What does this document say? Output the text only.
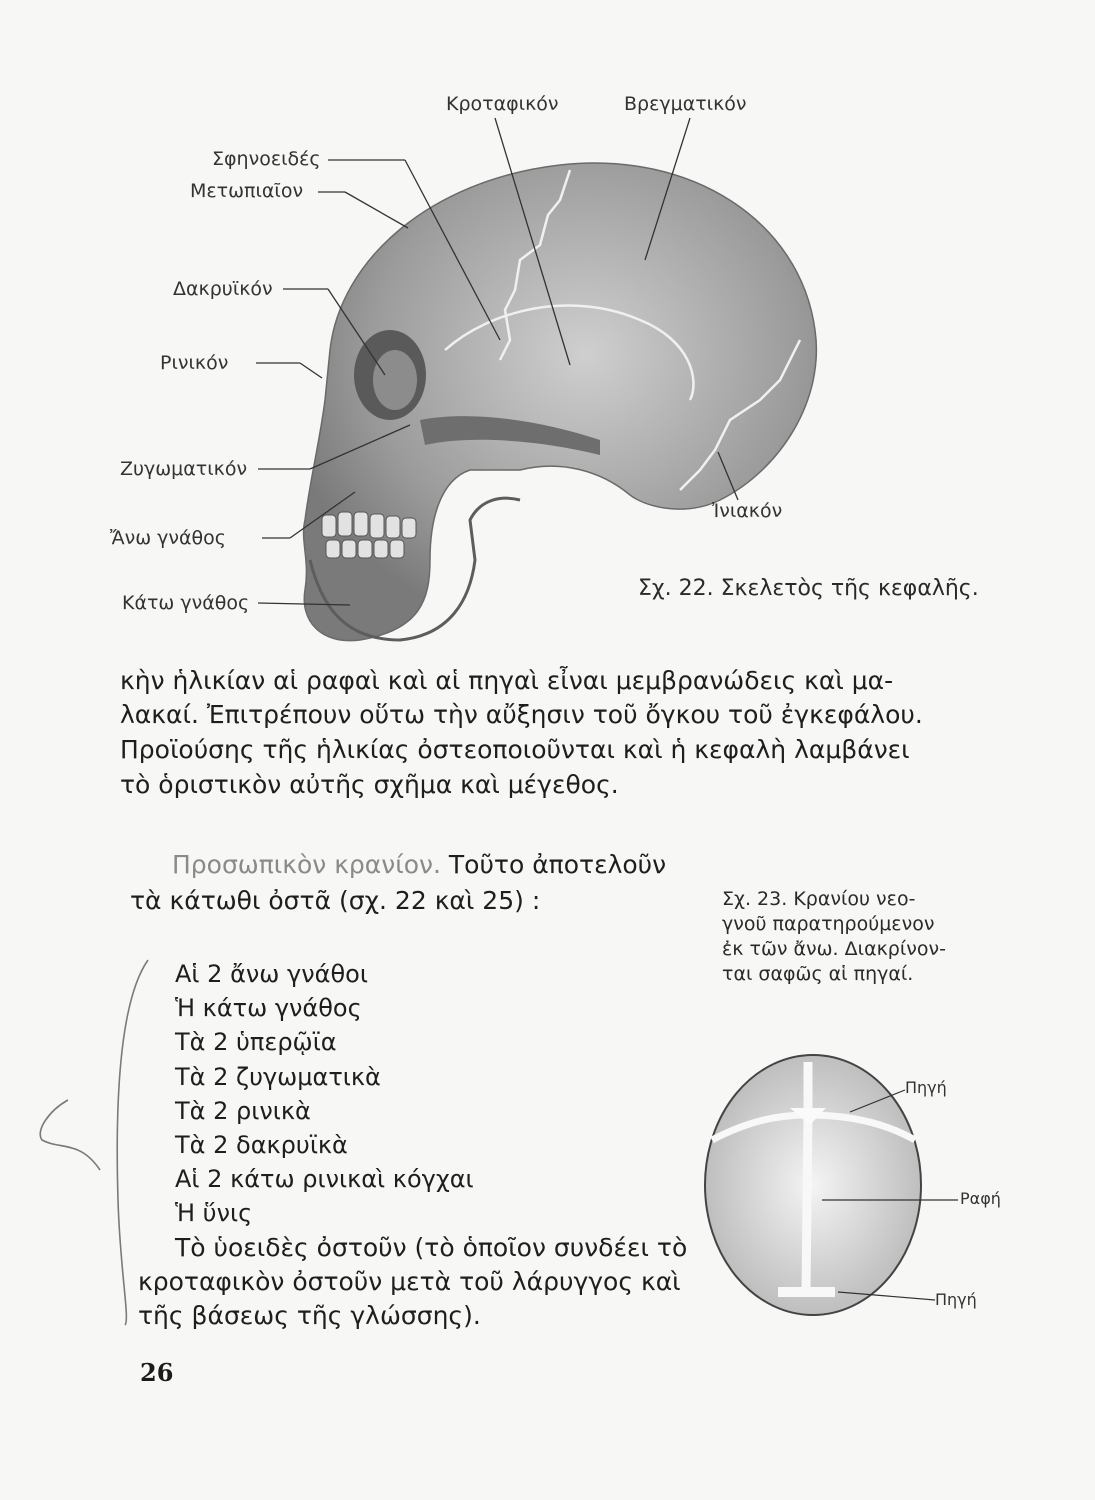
Κροταφικόν	Βρεγματικόν
Σφηνοειδές
Μετωπιαῖον
Δακρυϊκόν
Ρινικόν
Ζυγωματικόν
Ἄνω γνάθος
Κάτω γνάθος
Ἰνιακόν
Σχ. 22. Σκελετὸς τῆς κεφαλῆς.
κὴν ἡλικίαν αἱ ραφαὶ καὶ αἱ πηγαὶ εἶναι μεμβρανώδεις καὶ μα-
λακαί. Ἐπιτρέπουν οὕτω τὴν αὔξησιν τοῦ ὄγκου τοῦ ἐγκεφάλου.
Προϊούσης τῆς ἡλικίας ὀστεοποιοῦνται καὶ ἡ κεφαλὴ λαμβάνει
τὸ ὁριστικὸν αὐτῆς σχῆμα καὶ μέγεθος.
Προσωπικὸν κρανίον. Τοῦτο ἀποτελοῦν
τὰ κάτωθι ὀστᾶ (σχ. 22 καὶ 25) :
Αἱ 2 ἄνω γνάθοι
Ἡ κάτω γνάθος
Τὰ 2 ὑπερῷϊα
Τὰ 2 ζυγωματικὰ
Τὰ 2 ρινικὰ
Τὰ 2 δακρυϊκὰ
Αἱ 2 κάτω ρινικαὶ κόγχαι
Ἡ ὕνις
Τὸ ὑοειδὲς ὀστοῦν (τὸ ὁποῖον συνδέει τὸ
κροταφικὸν ὀστοῦν μετὰ τοῦ λάρυγγος καὶ
τῆς βάσεως τῆς γλώσσης).
Σχ. 23. Κρανίου νεο-
γνοῦ παρατηρούμενον
ἐκ τῶν ἄνω. Διακρίνον-
ται σαφῶς αἱ πηγαί.
Πηγή
Ραφή
Πηγή
26
